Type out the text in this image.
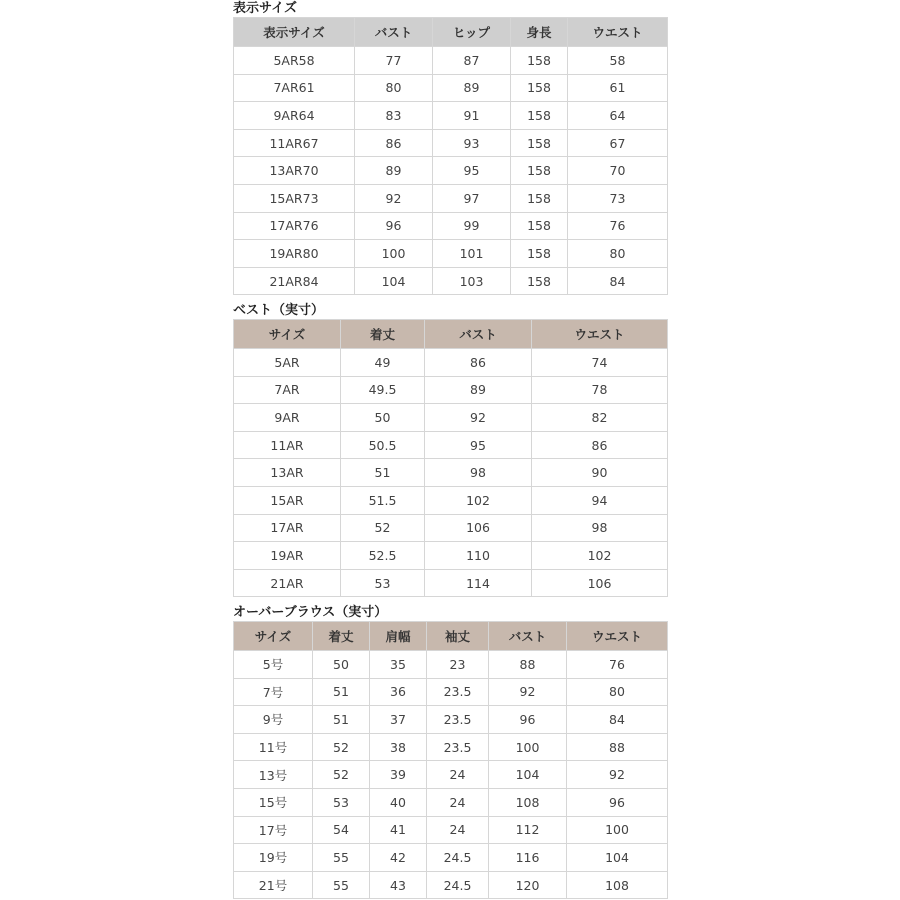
表示サイズ
表示サイズ	バスト	ヒップ	身長	ウエスト
5AR58	77	87	158	58
7AR61	80	89	158	61
9AR64	83	91	158	64
11AR67	86	93	158	67
13AR70	89	95	158	70
15AR73	92	97	158	73
17AR76	96	99	158	76
19AR80	100	101	158	80
21AR84	104	103	158	84
ベスト（実寸）
サイズ	着丈	バスト	ウエスト
5AR	49	86	74
7AR	49.5	89	78
9AR	50	92	82
11AR	50.5	95	86
13AR	51	98	90
15AR	51.5	102	94
17AR	52	106	98
19AR	52.5	110	102
21AR	53	114	106
オーバーブラウス（実寸）
サイズ	着丈	肩幅	袖丈	バスト	ウエスト
5号	50	35	23	88	76
7号	51	36	23.5	92	80
9号	51	37	23.5	96	84
11号	52	38	23.5	100	88
13号	52	39	24	104	92
15号	53	40	24	108	96
17号	54	41	24	112	100
19号	55	42	24.5	116	104
21号	55	43	24.5	120	108
